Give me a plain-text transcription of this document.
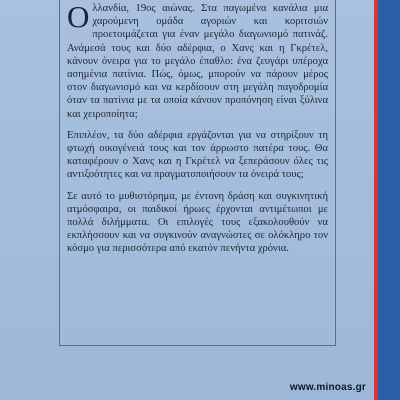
Ολλανδία, 19ος αιώνας. Στα παγωμένα κανάλια μια χαρούμενη ομάδα αγοριών και κοριτσιών προετοιμάζεται για έναν μεγάλο διαγωνισμό πατινάζ. Ανάμεσά τους και δύο αδέρφια, ο Χανς και η Γκρέτελ, κάνουν όνειρα για το μεγάλο έπαθλο: ένα ζευγάρι υπέροχα ασημένια πατίνια. Πώς, όμως, μπορούν να πάρουν μέρος στον διαγωνισμό και να κερδίσουν στη μεγάλη παγοδρομία όταν τα πατίνια με τα οποία κάνουν προπόνηση είναι ξύλινα και χειροποίητα;

Επιπλέον, τα δύο αδέρφια εργάζονται για να στηρίξουν τη φτωχή οικογένειά τους και τον άρρωστο πατέρα τους. Θα καταφέρουν ο Χανς και η Γκρέτελ να ξεπεράσουν όλες τις αντιξοότητες και να πραγματοποιήσουν τα όνειρά τους;

Σε αυτό το μυθιστόρημα, με έντονη δράση και συγκινητική ατμόσφαιρα, οι παιδικοί ήρωες έρχονται αντιμέτωποι με πολλά διλήμματα. Οι επιλογές τους εξακολουθούν να εκπλήσσουν και να συγκινούν αναγνώστες σε ολόκληρο τον κόσμο για περισσότερα από εκατόν πενήντα χρόνια.

www.minoas.gr
